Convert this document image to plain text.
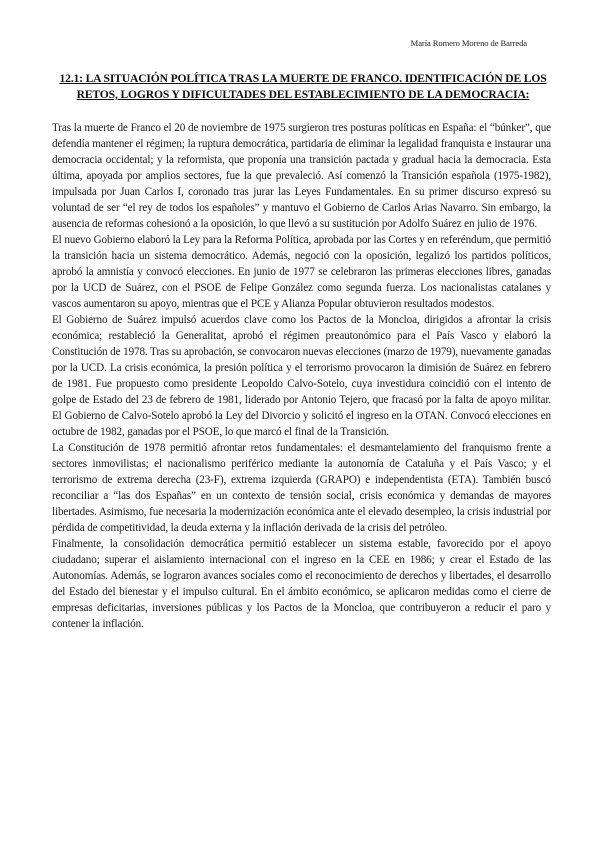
María Romero Moreno de Barreda
12.1: LA SITUACIÓN POLÍTICA TRAS LA MUERTE DE FRANCO. IDENTIFICACIÓN DE LOS RETOS, LOGROS Y DIFICULTADES DEL ESTABLECIMIENTO DE LA DEMOCRACIA:

Tras la muerte de Franco el 20 de noviembre de 1975 surgieron tres posturas políticas en España: el “búnker”, que defendía mantener el régimen; la ruptura democrática, partidaria de eliminar la legalidad franquista e instaurar una democracia occidental; y la reformista, que proponía una transición pactada y gradual hacia la democracia. Esta última, apoyada por amplios sectores, fue la que prevaleció. Así comenzó la Transición española (1975-1982), impulsada por Juan Carlos I, coronado tras jurar las Leyes Fundamentales. En su primer discurso expresó su voluntad de ser “el rey de todos los españoles” y mantuvo el Gobierno de Carlos Arias Navarro. Sin embargo, la ausencia de reformas cohesionó a la oposición, lo que llevó a su sustitución por Adolfo Suárez en julio de 1976.

El nuevo Gobierno elaboró la Ley para la Reforma Política, aprobada por las Cortes y en referéndum, que permitió la transición hacia un sistema democrático. Además, negoció con la oposición, legalizó los partidos políticos, aprobó la amnistía y convocó elecciones. En junio de 1977 se celebraron las primeras elecciones libres, ganadas por la UCD de Suárez, con el PSOE de Felipe González como segunda fuerza. Los nacionalistas catalanes y vascos aumentaron su apoyo, mientras que el PCE y Alianza Popular obtuvieron resultados modestos.

El Gobierno de Suárez impulsó acuerdos clave como los Pactos de la Moncloa, dirigidos a afrontar la crisis económica; restableció la Generalitat, aprobó el régimen preautonómico para el País Vasco y elaboró la Constitución de 1978. Tras su aprobación, se convocaron nuevas elecciones (marzo de 1979), nuevamente ganadas por la UCD. La crisis económica, la presión política y el terrorismo provocaron la dimisión de Suárez en febrero de 1981. Fue propuesto como presidente Leopoldo Calvo-Sotelo, cuya investidura coincidió con el intento de golpe de Estado del 23 de febrero de 1981, liderado por Antonio Tejero, que fracasó por la falta de apoyo militar. El Gobierno de Calvo-Sotelo aprobó la Ley del Divorcio y solicitó el ingreso en la OTAN. Convocó elecciones en octubre de 1982, ganadas por el PSOE, lo que marcó el final de la Transición.

La Constitución de 1978 permitió afrontar retos fundamentales: el desmantelamiento del franquismo frente a sectores inmovilistas; el nacionalismo periférico mediante la autonomía de Cataluña y el País Vasco; y el terrorismo de extrema derecha (23-F), extrema izquierda (GRAPO) e independentista (ETA). También buscó reconciliar a “las dos Españas” en un contexto de tensión social, crisis económica y demandas de mayores libertades. Asimismo, fue necesaria la modernización económica ante el elevado desempleo, la crisis industrial por pérdida de competitividad, la deuda externa y la inflación derivada de la crisis del petróleo.

Finalmente, la consolidación democrática permitió establecer un sistema estable, favorecido por el apoyo ciudadano; superar el aislamiento internacional con el ingreso en la CEE en 1986; y crear el Estado de las Autonomías. Además, se lograron avances sociales como el reconocimiento de derechos y libertades, el desarrollo del Estado del bienestar y el impulso cultural. En el ámbito económico, se aplicaron medidas como el cierre de empresas deficitarias, inversiones públicas y los Pactos de la Moncloa, que contribuyeron a reducir el paro y contener la inflación.
